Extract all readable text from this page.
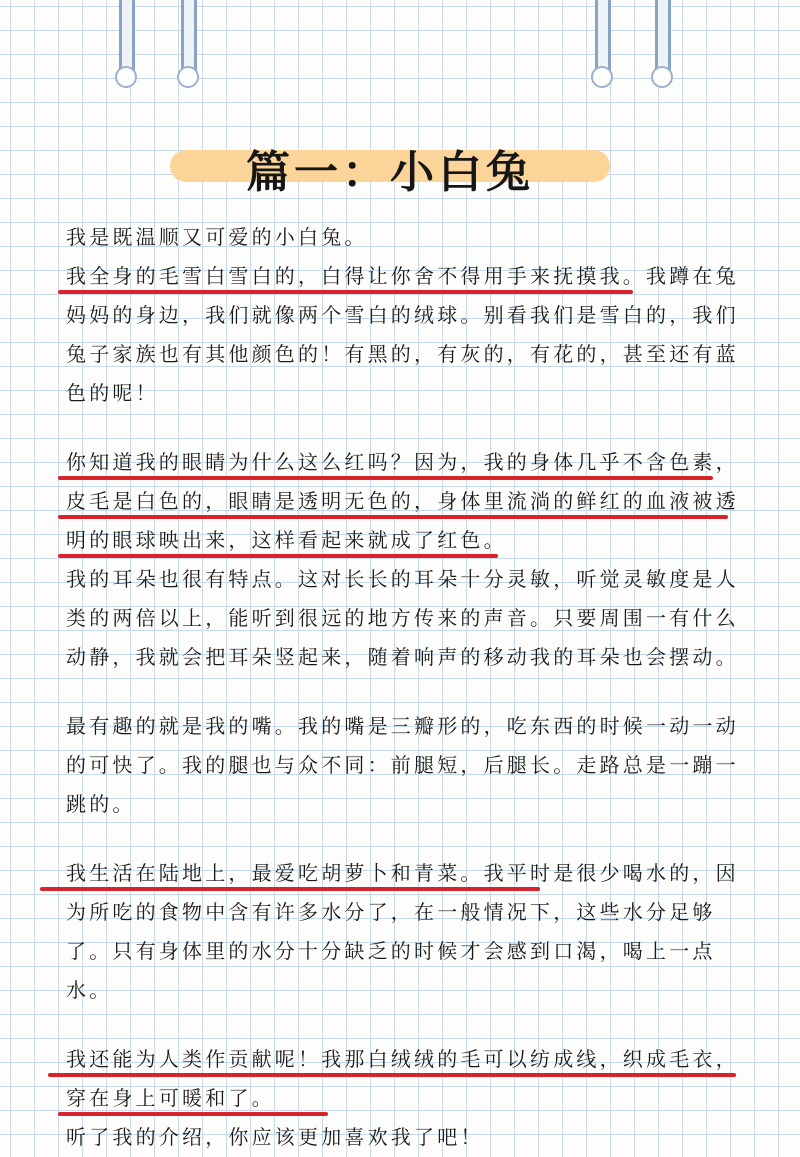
篇一：小白兔
我是既温顺又可爱的小白兔。
我全身的毛雪白雪白的，白得让你舍不得用手来抚摸我。我蹲在兔
妈妈的身边，我们就像两个雪白的绒球。别看我们是雪白的，我们
兔子家族也有其他颜色的！有黑的，有灰的，有花的，甚至还有蓝
色的呢！
你知道我的眼睛为什么这么红吗？因为，我的身体几乎不含色素，
皮毛是白色的，眼睛是透明无色的，身体里流淌的鲜红的血液被透
明的眼球映出来，这样看起来就成了红色。
我的耳朵也很有特点。这对长长的耳朵十分灵敏，听觉灵敏度是人
类的两倍以上，能听到很远的地方传来的声音。只要周围一有什么
动静，我就会把耳朵竖起来，随着响声的移动我的耳朵也会摆动。
最有趣的就是我的嘴。我的嘴是三瓣形的，吃东西的时候一动一动
的可快了。我的腿也与众不同：前腿短，后腿长。走路总是一蹦一
跳的。
我生活在陆地上，最爱吃胡萝卜和青菜。我平时是很少喝水的，因
为所吃的食物中含有许多水分了，在一般情况下，这些水分足够
了。只有身体里的水分十分缺乏的时候才会感到口渴，喝上一点
水。
我还能为人类作贡献呢！我那白绒绒的毛可以纺成线，织成毛衣，
穿在身上可暖和了。
听了我的介绍，你应该更加喜欢我了吧！
